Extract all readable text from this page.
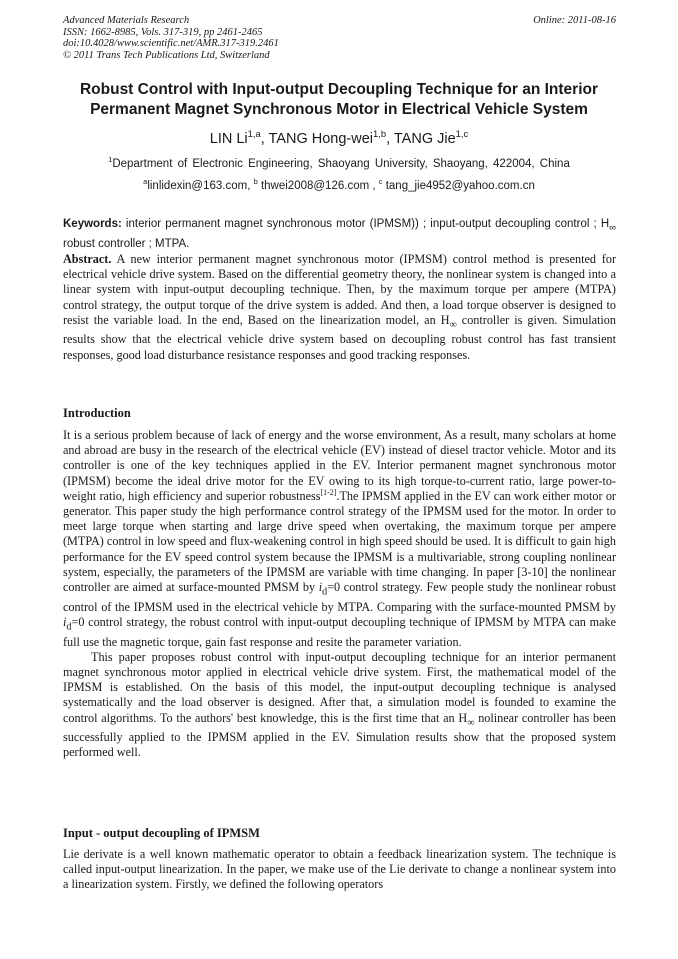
Advanced Materials Research
ISSN: 1662-8985, Vols. 317-319, pp 2461-2465
doi:10.4028/www.scientific.net/AMR.317-319.2461
© 2011 Trans Tech Publications Ltd, Switzerland
Online: 2011-08-16
Robust Control with Input-output Decoupling Technique for an Interior Permanent Magnet Synchronous Motor in Electrical Vehicle System
LIN Li$^{1,a}$, TANG Hong-wei$^{1,b}$, TANG Jie$^{1,c}$
$^1$Department of Electronic Engineering, Shaoyang University, Shaoyang, 422004, China
$^a$linlidexin@163.com, $^b$ thwei2008@126.com , $^c$ tang_jie4952@yahoo.com.cn
Keywords: interior permanent magnet synchronous motor (IPMSM)) ; input-output decoupling control ; $H_\infty$ robust controller ; MTPA.
Abstract. A new interior permanent magnet synchronous motor (IPMSM) control method is presented for electrical vehicle drive system. Based on the differential geometry theory, the nonlinear system is changed into a linear system with input-output decoupling technique. Then, by the maximum torque per ampere (MTPA) control strategy, the output torque of the drive system is added. And then, a load torque observer is designed to resist the variable load. In the end, Based on the linearization model, an $H_\infty$ controller is given. Simulation results show that the electrical vehicle drive system based on decoupling robust control has fast transient responses, good load disturbance resistance responses and good tracking responses.
Introduction

It is a serious problem because of lack of energy and the worse environment, As a result, many scholars at home and abroad are busy in the research of the electrical vehicle (EV) instead of diesel tractor vehicle. Motor and its controller is one of the key techniques applied in the EV. Interior permanent magnet synchronous motor (IPMSM) become the ideal drive motor for the EV owing to its high torque-to-current ratio, large power-to-weight ratio, high efficiency and superior robustness[1-2].The IPMSM applied in the EV can work either motor or generator. This paper study the high performance control strategy of the IPMSM used for the motor. In order to meet large torque when starting and large drive speed when overtaking, the maximum torque per ampere (MTPA) control in low speed and flux-weakening control in high speed should be used. It is difficult to gain high performance for the EV speed control system because the IPMSM is a multivariable, strong coupling nonlinear system, especially, the parameters of the IPMSM are variable with time changing. In paper [3-10] the nonlinear controller are aimed at surface-mounted PMSM by $i_d=0$ control strategy. Few people study the nonlinear robust control of the IPMSM used in the electrical vehicle by MTPA. Comparing with the surface-mounted PMSM by $i_d=0$ control strategy, the robust control with input-output decoupling technique of IPMSM by MTPA can make full use the magnetic torque, gain fast response and resite the parameter variation.

This paper proposes robust control with input-output decoupling technique for an interior permanent magnet synchronous motor applied in electrical vehicle drive system. First, the mathematical model of the IPMSM is established. On the basis of this model, the input-output decoupling technique is analysed systematically and the load observer is designed. After that, a simulation model is founded to examine the control algorithms. To the authors' best knowledge, this is the first time that an $H_\infty$ nolinear controller has been successfully applied to the IPMSM applied in the EV. Simulation results show that the proposed system performed well.

Input - output decoupling of IPMSM
Lie derivate is a well known mathematic operator to obtain a feedback linearization system. The technique is called input-output linearization. In the paper, we make use of the Lie derivate to change a nonlinear system into a linearization system. Firstly, we defined the following operators
